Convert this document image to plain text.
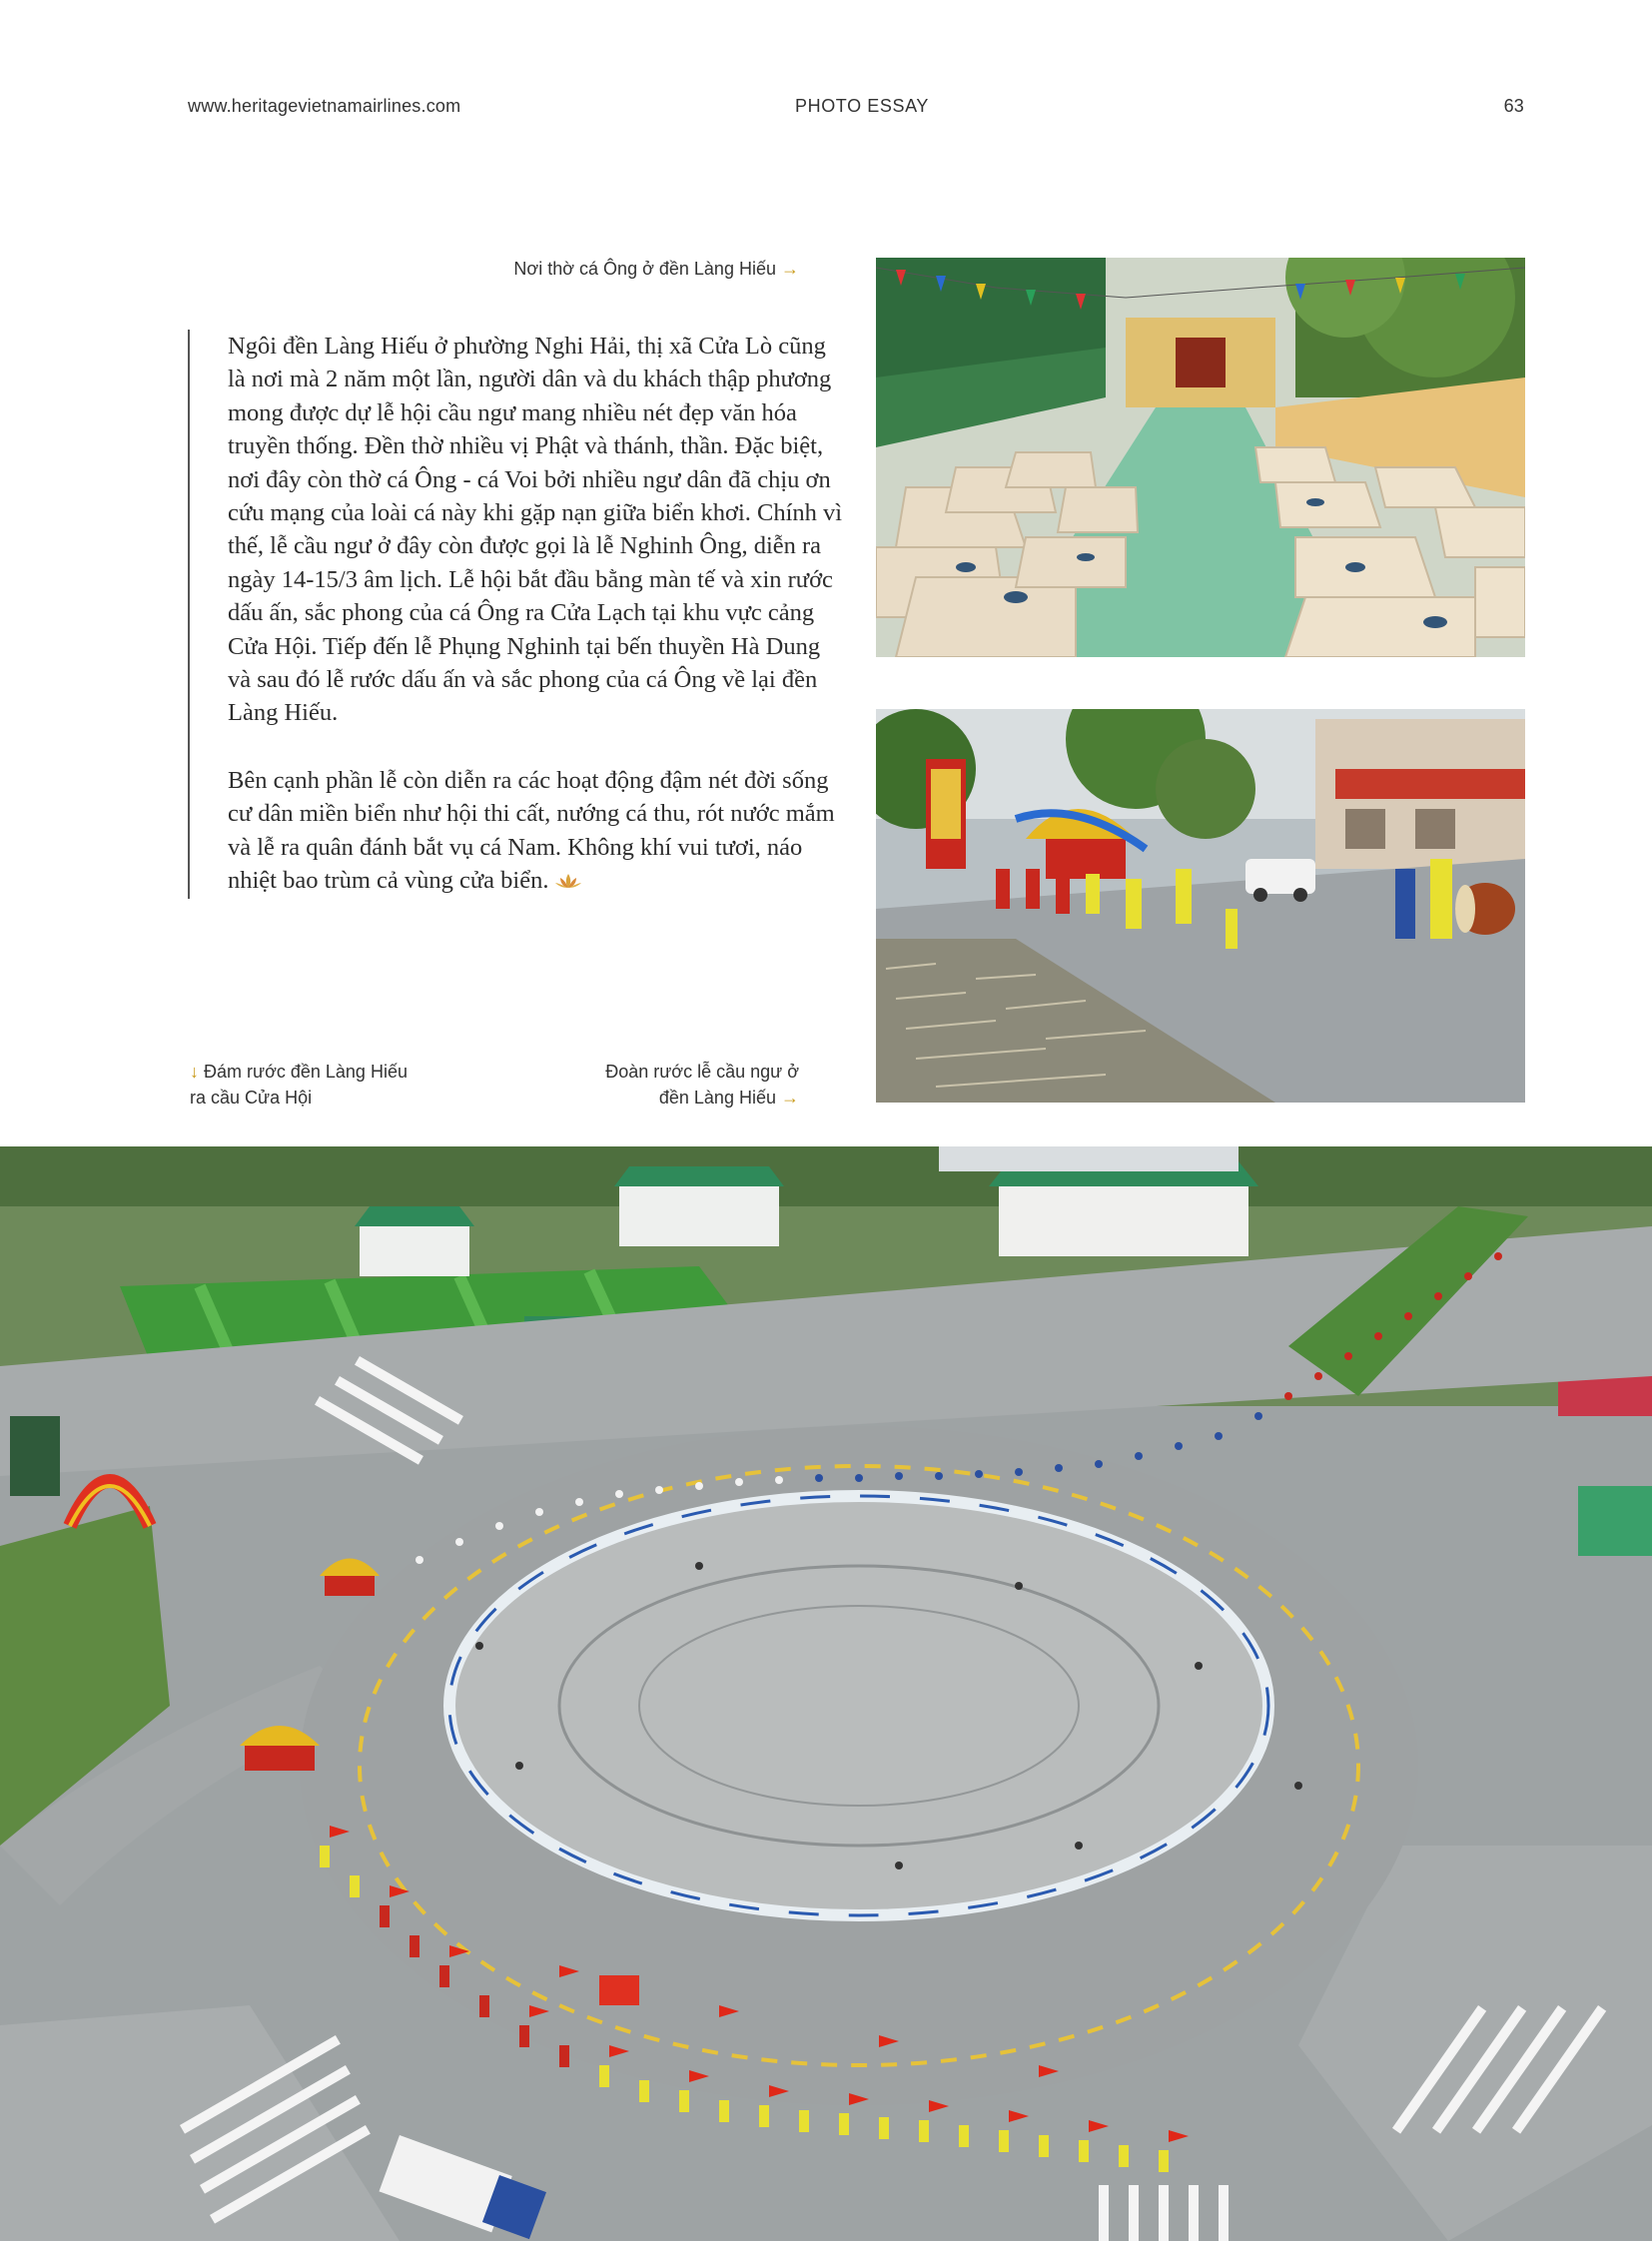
www.heritagevietnamairlines.com	PHOTO ESSAY	63
Nơi thờ cá Ông ở đền Làng Hiếu →

Ngôi đền Làng Hiếu ở phường Nghi Hải, thị xã Cửa Lò cũng là nơi mà 2 năm một lần, người dân và du khách thập phương mong được dự lễ hội cầu ngư mang nhiều nét đẹp văn hóa truyền thống. Đền thờ nhiều vị Phật và thánh, thần. Đặc biệt, nơi đây còn thờ cá Ông - cá Voi bởi nhiều ngư dân đã chịu ơn cứu mạng của loài cá này khi gặp nạn giữa biển khơi. Chính vì thế, lễ cầu ngư ở đây còn được gọi là lễ Nghinh Ông, diễn ra ngày 14-15/3 âm lịch. Lễ hội bắt đầu bằng màn tế và xin rước dấu ấn, sắc phong của cá Ông ra Cửa Lạch tại khu vực cảng Cửa Hội. Tiếp đến lễ Phụng Nghinh tại bến thuyền Hà Dung và sau đó lễ rước dấu ấn và sắc phong của cá Ông về lại đền Làng Hiếu.

Bên cạnh phần lễ còn diễn ra các hoạt động đậm nét đời sống cư dân miền biển như hội thi cất, nướng cá thu, rót nước mắm và lễ ra quân đánh bắt vụ cá Nam. Không khí vui tươi, náo nhiệt bao trùm cả vùng cửa biển.

↓ Đám rước đền Làng Hiếu
ra cầu Cửa Hội
Đoàn rước lễ cầu ngư ở
đền Làng Hiếu →
